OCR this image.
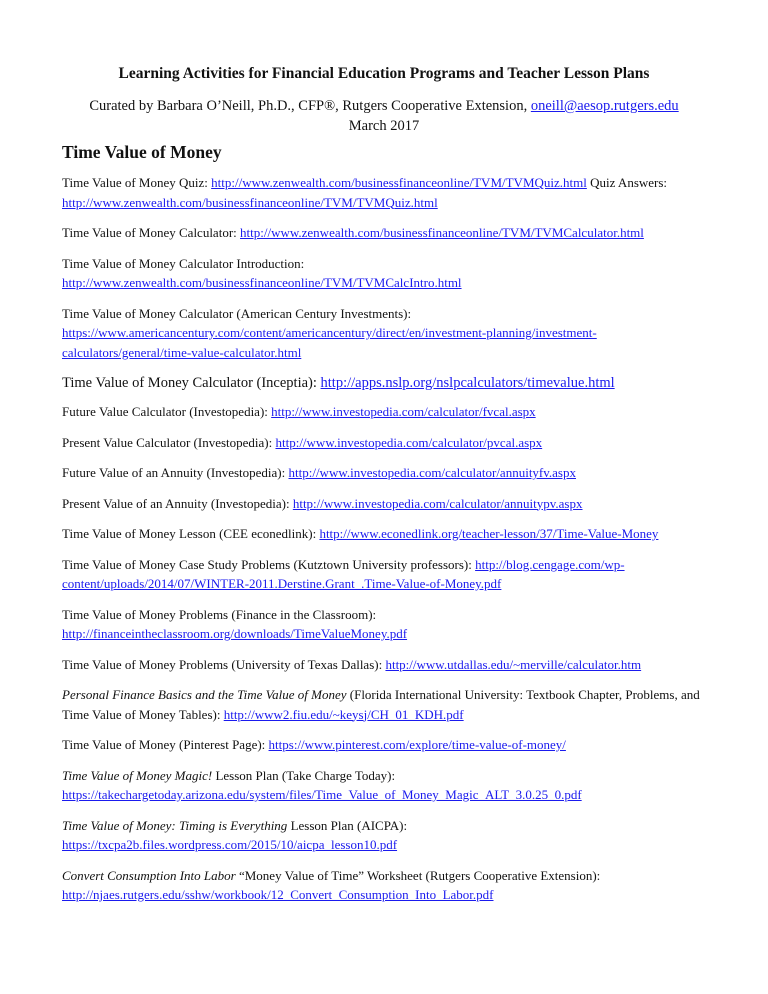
Learning Activities for Financial Education Programs and Teacher Lesson Plans
Curated by Barbara O’Neill, Ph.D., CFP®, Rutgers Cooperative Extension, oneill@aesop.rutgers.edu
March 2017
Time Value of Money
Time Value of Money Quiz: http://www.zenwealth.com/businessfinanceonline/TVM/TVMQuiz.html Quiz Answers: http://www.zenwealth.com/businessfinanceonline/TVM/TVMQuiz.html
Time Value of Money Calculator: http://www.zenwealth.com/businessfinanceonline/TVM/TVMCalculator.html
Time Value of Money Calculator Introduction:
http://www.zenwealth.com/businessfinanceonline/TVM/TVMCalcIntro.html
Time Value of Money Calculator (American Century Investments):
https://www.americancentury.com/content/americancentury/direct/en/investment-planning/investment-calculators/general/time-value-calculator.html
Time Value of Money Calculator (Inceptia): http://apps.nslp.org/nslpcalculators/timevalue.html
Future Value Calculator (Investopedia): http://www.investopedia.com/calculator/fvcal.aspx
Present Value Calculator (Investopedia): http://www.investopedia.com/calculator/pvcal.aspx
Future Value of an Annuity (Investopedia): http://www.investopedia.com/calculator/annuityfv.aspx
Present Value of an Annuity (Investopedia): http://www.investopedia.com/calculator/annuitypv.aspx
Time Value of Money Lesson (CEE econedlink): http://www.econedlink.org/teacher-lesson/37/Time-Value-Money
Time Value of Money Case Study Problems (Kutztown University professors): http://blog.cengage.com/wp-content/uploads/2014/07/WINTER-2011.Derstine.Grant_.Time-Value-of-Money.pdf
Time Value of Money Problems (Finance in the Classroom):
http://financeintheclassroom.org/downloads/TimeValueMoney.pdf
Time Value of Money Problems (University of Texas Dallas): http://www.utdallas.edu/~merville/calculator.htm
Personal Finance Basics and the Time Value of Money (Florida International University: Textbook Chapter, Problems, and Time Value of Money Tables): http://www2.fiu.edu/~keysj/CH_01_KDH.pdf
Time Value of Money (Pinterest Page): https://www.pinterest.com/explore/time-value-of-money/
Time Value of Money Magic! Lesson Plan (Take Charge Today):
https://takechargetoday.arizona.edu/system/files/Time_Value_of_Money_Magic_ALT_3.0.25_0.pdf
Time Value of Money: Timing is Everything Lesson Plan (AICPA):
https://txcpa2b.files.wordpress.com/2015/10/aicpa_lesson10.pdf
Convert Consumption Into Labor “Money Value of Time” Worksheet (Rutgers Cooperative Extension):
http://njaes.rutgers.edu/sshw/workbook/12_Convert_Consumption_Into_Labor.pdf
